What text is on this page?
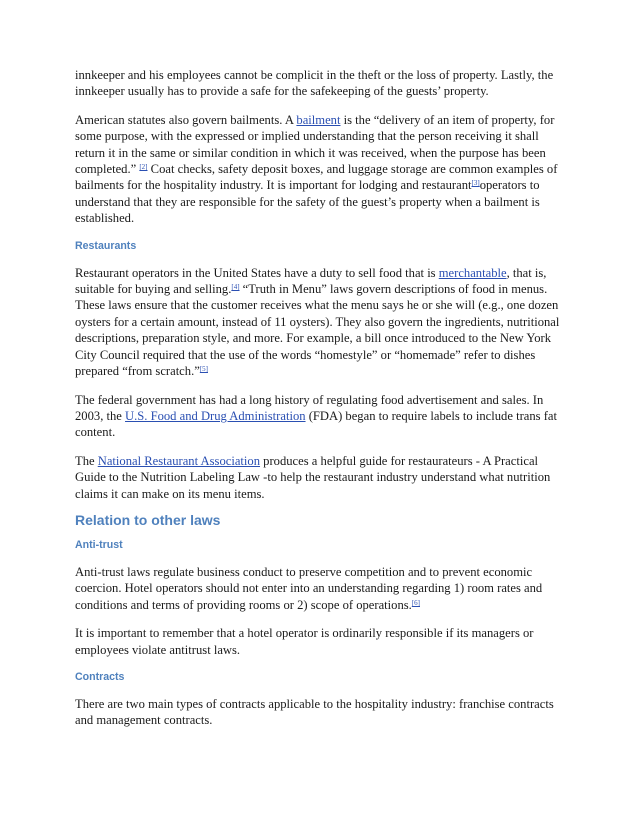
innkeeper and his employees cannot be complicit in the theft or the loss of property. Lastly, the innkeeper usually has to provide a safe for the safekeeping of the guests’ property.

American statutes also govern bailments. A bailment is the “delivery of an item of property, for some purpose, with the expressed or implied understanding that the person receiving it shall return it in the same or similar condition in which it was received, when the purpose has been completed.” [2] Coat checks, safety deposit boxes, and luggage storage are common examples of bailments for the hospitality industry. It is important for lodging and restaurant[3]operators to understand that they are responsible for the safety of the guest’s property when a bailment is established.

Restaurants

Restaurant operators in the United States have a duty to sell food that is merchantable, that is, suitable for buying and selling.[4] “Truth in Menu” laws govern descriptions of food in menus. These laws ensure that the customer receives what the menu says he or she will (e.g., one dozen oysters for a certain amount, instead of 11 oysters). They also govern the ingredients, nutritional descriptions, preparation style, and more. For example, a bill once introduced to the New York City Council required that the use of the words “homestyle” or “homemade” refer to dishes prepared “from scratch.”[5]

The federal government has had a long history of regulating food advertisement and sales. In 2003, the U.S. Food and Drug Administration (FDA) began to require labels to include trans fat content.

The National Restaurant Association produces a helpful guide for restaurateurs - A Practical Guide to the Nutrition Labeling Law -to help the restaurant industry understand what nutrition claims it can make on its menu items.

Relation to other laws
Anti-trust

Anti-trust laws regulate business conduct to preserve competition and to prevent economic coercion. Hotel operators should not enter into an understanding regarding 1) room rates and conditions and terms of providing rooms or 2) scope of operations.[6]

It is important to remember that a hotel operator is ordinarily responsible if its managers or employees violate antitrust laws.

Contracts

There are two main types of contracts applicable to the hospitality industry: franchise contracts and management contracts.
